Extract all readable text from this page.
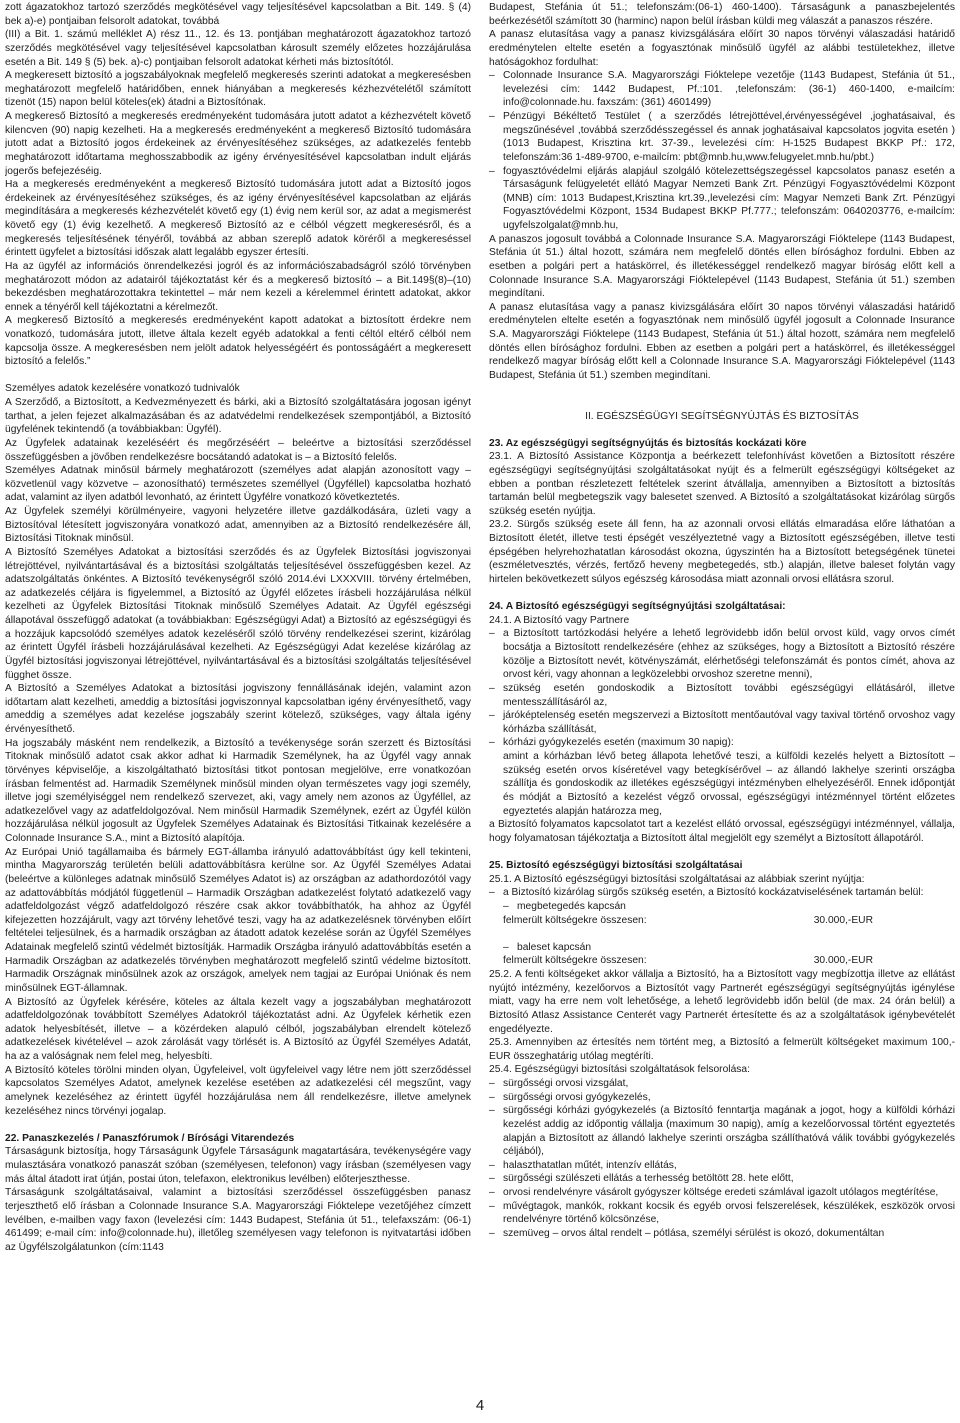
zott ágazatokhoz tartozó szerződés megkötésével vagy teljesítésével kapcsolatban a Bit. 149. § (4) bek a)-e) pontjaiban felsorolt adatokat, továbbá

(III) a Bit. 1. számú melléklet A) rész 11., 12. és 13. pontjában meghatározott ágazatokhoz tartozó szerződés megkötésével vagy teljesítésével kapcsolatban károsult személy előzetes hozzájárulása esetén a Bit. 149 § (5) bek. a)-c) pontjaiban felsorolt adatokat kérheti más biztosítótól.

A megkeresett biztosító a jogszabályoknak megfelelő megkeresés szerinti adatokat a megkeresésben meghatározott megfelelő határidőben, ennek hiányában a megkeresés kézhezvételétől számított tizenöt (15) napon belül köteles(ek) átadni a Biztosítónak.

A megkereső Biztosító a megkeresés eredményeként tudomására jutott adatot a kézhezvételt követő kilencven (90) napig kezelheti. Ha a megkeresés eredményeként a megkereső Biztosító tudomására jutott adat a Biztosító jogos érdekeinek az érvényesítéséhez szükséges, az adatkezelés fentebb meghatározott időtartama meghosszabbodik az igény érvényesítésével kapcsolatban indult eljárás jogerős befejezéséig.

Ha a megkeresés eredményeként a megkereső Biztosító tudomására jutott adat a Biztosító jogos érdekeinek az érvényesítéséhez szükséges, és az igény érvényesítésével kapcsolatban az eljárás megindítására a megkeresés kézhezvételét követő egy (1) évig nem kerül sor, az adat a megismerést követő egy (1) évig kezelhető. A megkereső Biztosító az e célból végzett megkeresésről, és a megkeresés teljesítésének tényéről, továbbá az abban szereplő adatok köréről a megkereséssel érintett ügyfelet a biztosítási időszak alatt legalább egyszer értesíti.

Ha az ügyfél az információs önrendelkezési jogról és az információszabadságról szóló törvényben meghatározott módon az adatairól tájékoztatást kér és a megkereső biztosító – a Bit.149§(8)–(10) bekezdésben meghatározottakra tekintettel – már nem kezeli a kérelemmel érintett adatokat, akkor ennek a tényéről kell tájékoztatni a kérelmezőt.

A megkereső Biztosító a megkeresés eredményeként kapott adatokat a biztosított érdekre nem vonatkozó, tudomására jutott, illetve általa kezelt egyéb adatokkal a fenti céltól eltérő célból nem kapcsolja össze. A megkeresésben nem jelölt adatok helyességéért és pontosságáért a megkeresett biztosító a felelős.”

Személyes adatok kezelésére vonatkozó tudnivalók

A Szerződő, a Biztosított, a Kedvezményezett és bárki, aki a Biztosító szolgáltatására jogosan igényt tarthat, a jelen fejezet alkalmazásában és az adatvédelmi rendelkezések szempontjából, a Biztosító ügyfelének tekintendő (a továbbiakban: Ügyfél).

Az Ügyfelek adatainak kezeléséért és megőrzéséért – beleértve a biztosítási szerződéssel összefüggésben a jövőben rendelkezésre bocsátandó adatokat is – a Biztosító felelős.

Személyes Adatnak minősül bármely meghatározott (személyes adat alapján azonosított vagy – közvetlenül vagy közvetve – azonosítható) természetes személlyel (Ügyféllel) kapcsolatba hozható adat, valamint az ilyen adatból levonható, az érintett Ügyfélre vonatkozó következtetés.

Az Ügyfelek személyi körülményeire, vagyoni helyzetére illetve gazdálkodására, üzleti vagy a Biztosítóval létesített jogviszonyára vonatkozó adat, amennyiben az a Biztosító rendelkezésére áll, Biztosítási Titoknak minősül.

A Biztosító Személyes Adatokat a biztosítási szerződés és az Ügyfelek Biztosítási jogviszonyai létrejöttével, nyilvántartásával és a biztosítási szolgáltatás teljesítésével összefüggésben kezel. Az adatszolgáltatás önkéntes. A Biztosító tevékenységről szóló 2014.évi LXXXVIII. törvény értelmében, az adatkezelés céljára is figyelemmel, a Biztosító az Ügyfél előzetes írásbeli hozzájárulása nélkül kezelheti az Ügyfelek Biztosítási Titoknak minősülő Személyes Adatait. Az Ügyfél egészségi állapotával összefüggő adatokat (a továbbiakban: Egészségügyi Adat) a Biztosító az egészségügyi és a hozzájuk kapcsolódó személyes adatok kezeléséről szóló törvény rendelkezései szerint, kizárólag az érintett Ügyfél írásbeli hozzájárulásával kezelheti. Az Egészségügyi Adat kezelése kizárólag az Ügyfél biztosítási jogviszonyai létrejöttével, nyilvántartásával és a biztosítási szolgáltatás teljesítésével függhet össze.

A Biztosító a Személyes Adatokat a biztosítási jogviszony fennállásának idején, valamint azon időtartam alatt kezelheti, ameddig a biztosítási jogviszonnyal kapcsolatban igény érvényesíthető, vagy ameddig a személyes adat kezelése jogszabály szerint kötelező, szükséges, vagy általa igény érvényesíthető.

Ha jogszabály másként nem rendelkezik, a Biztosító a tevékenysége során szerzett és Biztosítási Titoknak minősülő adatot csak akkor adhat ki Harmadik Személynek, ha az Ügyfél vagy annak törvényes képviselője, a kiszolgáltatható biztosítási titkot pontosan megjelölve, erre vonatkozóan írásban felmentést ad. Harmadik Személynek minősül minden olyan természetes vagy jogi személy, illetve jogi személyiséggel nem rendelkező szervezet, aki, vagy amely nem azonos az Ügyféllel, az adatkezelővel vagy az adatfeldolgozóval. Nem minősül Harmadik Személynek, ezért az Ügyfél külön hozzájárulása nélkül jogosult az Ügyfelek Személyes Adatainak és Biztosítási Titkainak kezelésére a Colonnade Insurance S.A., mint a Biztosító alapítója.

Az Európai Unió tagállamaiba és bármely EGT-államba irányuló adattovábbítást úgy kell tekinteni, mintha Magyarország területén belüli adattovábbításra kerülne sor. Az Ügyfél Személyes Adatai (beleértve a különleges adatnak minősülő Személyes Adatot is) az országban az adathordozótól vagy az adattovábbítás módjától függetlenül – Harmadik Országban adatkezelést folytató adatkezelő vagy adatfeldolgozást végző adatfeldolgozó részére csak akkor továbbíthatók, ha ahhoz az Ügyfél kifejezetten hozzájárult, vagy azt törvény lehetővé teszi, vagy ha az adatkezelésnek törvényben előírt feltételei teljesülnek, és a harmadik országban az átadott adatok kezelése során az Ügyfél Személyes Adatainak megfelelő szintű védelmét biztosítják. Harmadik Országba irányuló adattovábbítás esetén a Harmadik Országban az adatkezelés törvényben meghatározott megfelelő szintű védelme biztosított. Harmadik Országnak minősülnek azok az országok, amelyek nem tagjai az Európai Uniónak és nem minősülnek EGT-államnak.

A Biztosító az Ügyfelek kérésére, köteles az általa kezelt vagy a jogszabályban meghatározott adatfeldolgozónak továbbított Személyes Adatokról tájékoztatást adni. Az Ügyfelek kérhetik ezen adatok helyesbítését, illetve – a közérdeken alapuló célból, jogszabályban elrendelt kötelező adatkezelések kivételével – azok zárolását vagy törlését is. A Biztosító az Ügyfél Személyes Adatát, ha az a valóságnak nem felel meg, helyesbíti.

A Biztosító köteles törölni minden olyan, Ügyfeleivel, volt ügyfeleivel vagy létre nem jött szerződéssel kapcsolatos Személyes Adatot, amelynek kezelése esetében az adatkezelési cél megszűnt, vagy amelynek kezeléséhez az érintett ügyfél hozzájárulása nem áll rendelkezésre, illetve amelynek kezeléséhez nincs törvényi jogalap.

22. Panaszkezelés / Panaszfórumok / Bírósági Vitarendezés

Társaságunk biztosítja, hogy Társaságunk Ügyfele Társaságunk magatartására, tevékenységére vagy mulasztására vonatkozó panaszát szóban (személyesen, telefonon) vagy írásban (személyesen vagy más által átadott irat útján, postai úton, telefaxon, elektronikus levélben) előterjeszthesse.

Társaságunk szolgáltatásaival, valamint a biztosítási szerződéssel összefüggésben panasz terjeszthető elő írásban a Colonnade Insurance S.A. Magyarországi Fióktelepe vezetőjéhez címzett levélben, e-mailben vagy faxon (levelezési cím: 1443 Budapest, Stefánia út 51., telefaxszám: (06-1) 461499; e-mail cím: info@colonnade.hu), illetőleg személyesen vagy telefonon is nyitvatartási időben az Ügyfélszolgálatunkon (cím:1143

Budapest, Stefánia út 51.; telefonszám:(06-1) 460-1400). Társaságunk a panaszbejelentés beérkezésétől számított 30 (harminc) napon belül írásban küldi meg válaszát a panaszos részére.

A panasz elutasítása vagy a panasz kivizsgálására előírt 30 napos törvényi válaszadási határidő eredménytelen eltelte esetén a fogyasztónak minősülő ügyfél az alábbi testületekhez, illetve hatóságokhoz fordulhat:

– Colonnade Insurance S.A. Magyarországi Fióktelepe vezetője (1143 Budapest, Stefánia út 51., levelezési cím: 1442 Budapest, Pf.:101. ,telefonszám: (36-1) 460-1400, e-mailcím: info@colonnade.hu. faxszám: (361) 4601499)

– Pénzügyi Békéltető Testület ( a szerződés létrejöttével,érvényességével ,joghatásaival, és megszűnésével ,továbbá szerződésszegéssel és annak joghatásaival kapcsolatos jogvita esetén ) (1013 Budapest, Krisztina krt. 37-39., levelezési cím: H-1525 Budapest BKKP Pf.: 172, telefonszám:36 1-489-9700, e-mailcím: pbt@mnb.hu,www.felugyelet.mnb.hu/pbt.)

– fogyasztóvédelmi eljárás alapjául szolgáló kötelezettségszegéssel kapcsolatos panasz esetén a Társaságunk felügyeletét ellátó Magyar Nemzeti Bank Zrt. Pénzügyi Fogyasztóvédelmi Központ (MNB) cím: 1013 Budapest,Krisztina krt.39.,levelezési cím: Magyar Nemzeti Bank Zrt. Pénzügyi Fogyasztóvédelmi Központ, 1534 Budapest BKKP Pf.777.; telefonszám: 0640203776, e-mailcím: ugyfelszolgalat@mnb.hu,

A panaszos jogosult továbbá a Colonnade Insurance S.A. Magyarországi Fióktelepe (1143 Budapest, Stefánia út 51.) által hozott, számára nem megfelelő döntés ellen bírósághoz fordulni. Ebben az esetben a polgári pert a hatáskörrel, és illetékességgel rendelkező magyar bíróság előtt kell a Colonnade Insurance S.A. Magyarországi Fióktelepével (1143 Budapest, Stefánia út 51.) szemben megindítani.

A panasz elutasítása vagy a panasz kivizsgálására előírt 30 napos törvényi válaszadási határidő eredménytelen eltelte esetén a fogyasztónak nem minősülő ügyfél jogosult a Colonnade Insurance S.A. Magyarországi Fióktelepe (1143 Budapest, Stefánia út 51.) által hozott, számára nem megfelelő döntés ellen bírósághoz fordulni. Ebben az esetben a polgári pert a hatáskörrel, és illetékességgel rendelkező magyar bíróság előtt kell a Colonnade Insurance S.A. Magyarországi Fióktelepével (1143 Budapest, Stefánia út 51.) szemben megindítani.

II. EGÉSZSÉGÜGYI SEGÍTSÉGNYÚJTÁS ÉS BIZTOSÍTÁS

23. Az egészségügyi segítségnyújtás és biztosítás kockázati köre

23.1. A Biztosító Assistance Központja a beérkezett telefonhívást követően a Biztosított részére egészségügyi segítségnyújtási szolgáltatásokat nyújt és a felmerült egészségügyi költségeket az ebben a pontban részletezett feltételek szerint átvállalja, amennyiben a Biztosított a biztosítás tartamán belül megbetegszik vagy balesetet szenved. A Biztosító a szolgáltatásokat kizárólag sürgős szükség esetén nyújtja.

23.2. Sürgős szükség esete áll fenn, ha az azonnali orvosi ellátás elmaradása előre láthatóan a Biztosított életét, illetve testi épségét veszélyeztetné vagy a Biztosított egészségében, illetve testi épségében helyrehozhatatlan károsodást okozna, úgyszintén ha a Biztosított betegségének tünetei (eszméletvesztés, vérzés, fertőző heveny megbetegedés, stb.) alapján, illetve baleset folytán vagy hirtelen bekövetkezett súlyos egészség károsodása miatt azonnali orvosi ellátásra szorul.

24. A Biztosító egészségügyi segítségnyújtási szolgáltatásai:

24.1. A Biztosító vagy Partnere

– a Biztosított tartózkodási helyére a lehető legrövidebb időn belül orvost küld, vagy orvos címét bocsátja a Biztosított rendelkezésére (ehhez az szükséges, hogy a Biztosított a Biztosító részére közölje a Biztosított nevét, kötvényszámát, elérhetőségi telefonszámát és pontos címét, ahova az orvost kéri, vagy ahonnan a legközelebbi orvoshoz szeretne menni),

– szükség esetén gondoskodik a Biztosított további egészségügyi ellátásáról, illetve mentesszállításáról az,

– járóképtelenség esetén megszervezi a Biztosított mentőautóval vagy taxival történő orvoshoz vagy kórházba szállítását,

– kórházi gyógykezelés esetén (maximum 30 napig):

amint a kórházban lévő beteg állapota lehetővé teszi, a külföldi kezelés helyett a Biztosított – szükség esetén orvos kíséretével vagy betegkísérővel – az állandó lakhelye szerinti országba szállítja és gondoskodik az illetékes egészségügyi intézményben elhelyezéséről. Ennek időpontját és módját a Biztosító a kezelést végző orvossal, egészségügyi intézménnyel történt előzetes egyeztetés alapján határozza meg,

a Biztosító folyamatos kapcsolatot tart a kezelést ellátó orvossal, egészségügyi intézménnyel, vállalja, hogy folyamatosan tájékoztatja a Biztosított által megjelölt egy személyt a Biztosított állapotáról.

25. Biztosító egészségügyi biztosítási szolgáltatásai

25.1. A Biztosító egészségügyi biztosítási szolgáltatásai az alábbiak szerint nyújtja:

– a Biztosító kizárólag sürgős szükség esetén, a Biztosító kockázatviselésének tartamán belül:

– megbetegedés kapcsán

felmerült költségekre összesen:	30.000,-EUR

– baleset kapcsán

felmerült költségekre összesen:	30.000,-EUR

25.2. A fenti költségeket akkor vállalja a Biztosító, ha a Biztosított vagy megbízottja illetve az ellátást nyújtó intézmény, kezelőorvos a Biztosítót vagy Partnerét egészségügyi segítségnyújtás igénylése miatt, vagy ha erre nem volt lehetősége, a lehető legrövidebb időn belül (de max. 24 órán belül) a Biztosító Atlasz Assistance Centerét vagy Partnerét értesítette és az a szolgáltatások igénybevételét engedélyezte.

25.3. Amennyiben az értesítés nem történt meg, a Biztosító a felmerült költségeket maximum 100,-EUR összeghatárig utólag megtéríti.

25.4. Egészségügyi biztosítási szolgáltatások felsorolása:

– sürgősségi orvosi vizsgálat,

– sürgősségi orvosi gyógykezelés,

– sürgősségi kórházi gyógykezelés (a Biztosító fenntartja magának a jogot, hogy a külföldi kórházi kezelést addig az időpontig vállalja (maximum 30 napig), amíg a kezelőorvossal történt egyeztetés alapján a Biztosított az állandó lakhelye szerinti országba szállíthatóvá válik további gyógykezelés céljából),

– halaszthatatlan műtét, intenzív ellátás,

– sürgősségi szülészeti ellátás a terhesség betöltött 28. hete előtt,

– orvosi rendelvényre vásárolt gyógyszer költsége eredeti számlával igazolt utólagos megtérítése,

– művégtagok, mankók, rokkant kocsik és egyéb orvosi felszerelések, készülékek, eszközök orvosi rendelvényre történő kölcsönzése,

– szemüveg – orvos által rendelt – pótlása, személyi sérülést is okozó, dokumentáltan

4
